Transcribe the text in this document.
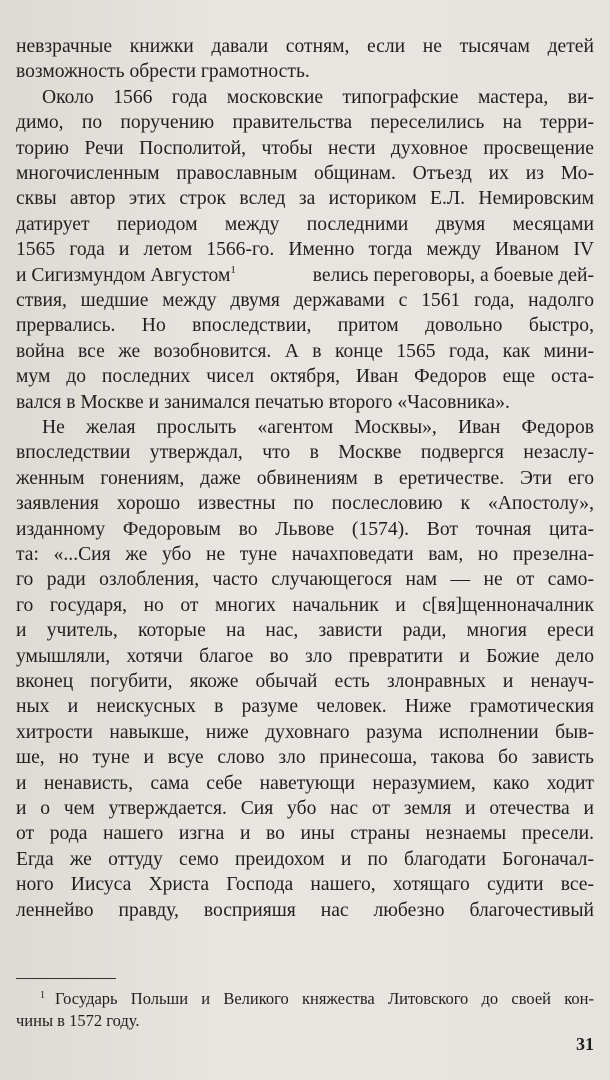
невзрачные книжки давали сотням, если не тысячам детей
возможность обрести грамотность.
Около 1566 года московские типографские мастера, ви-
димо, по поручению правительства переселились на терри-
торию Речи Посполитой, чтобы нести духовное просвещение
многочисленным православным общинам. Отъезд их из Мо-
сквы автор этих строк вслед за историком Е.Л. Немировским
датирует периодом между последними двумя месяцами
1565 года и летом 1566-го. Именно тогда между Иваном IV
и Сигизмундом Августом$^1$	велись переговоры, а боевые дей-
ствия, шедшие между двумя державами с 1561 года, надолго
прервались. Но впоследствии, притом довольно быстро,
война все же возобновится. А в конце 1565 года, как мини-
мум до последних чисел октября, Иван Федоров еще оста-
вался в Москве и занимался печатью второго «Часовника».
Не желая прослыть «агентом Москвы», Иван Федоров
впоследствии утверждал, что в Москве подвергся незаслу-
женным гонениям, даже обвинениям в еретичестве. Эти его
заявления хорошо известны по послесловию к «Апостолу»,
изданному Федоровым во Львове (1574). Вот точная цита-
та: «...Сия же убо не туне начахповедати вам, но презелна-
го ради озлобления, часто случающегося нам — не от само-
го государя, но от многих начальник и с[вя]щенноначалник
и учитель, которые на нас, зависти ради, многия ереси
умышляли, хотячи благое во зло превратити и Божие дело
вконец погубити, якоже обычай есть злонравных и ненауч-
ных и неискусных в разуме человек. Ниже грамотическия
хитрости навыкше, ниже духовнаго разума исполнении быв-
ше, но туне и всуе слово зло принесоша, такова бо зависть
и ненависть, сама себе наветующи неразумием, како ходит
и о чем утверждается. Сия убо нас от земля и отечества и
от рода нашего изгна и во ины страны незнаемы пресели.
$^1$ Государь Польши и Великого княжества Литовского до своей кон-
чины в 1572 году.
31
Егда же оттуду семо преидохом и по благодати Богоначал-
ного Иисуса Христа Господа нашего, хотящаго судити все-
леннейво правду, восприяшя нас любезно благочестивый
